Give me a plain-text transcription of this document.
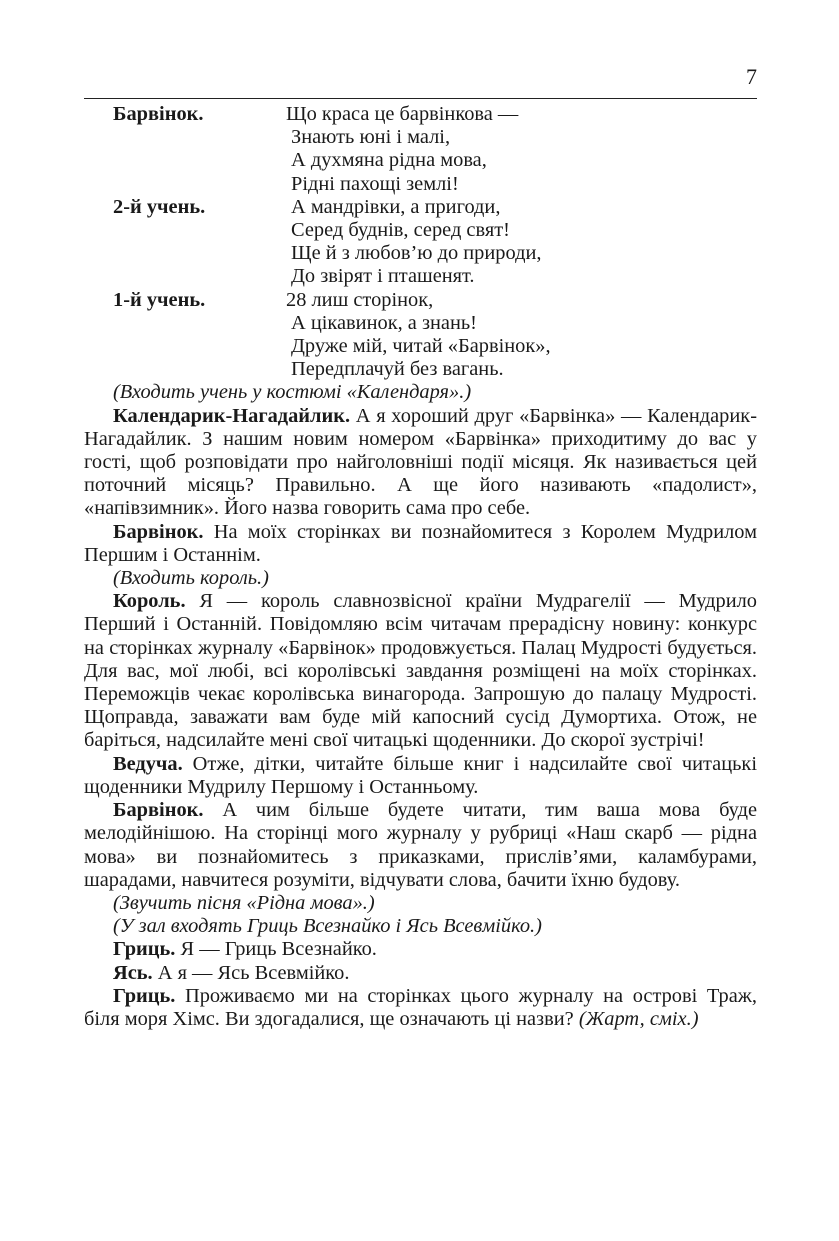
7
Барвінок.	Що краса це барвінкова —
Знають юні і малі,
А духмяна рідна мова,
Рідні пахощі землі!
2-й учень.	А мандрівки, а пригоди,
Серед буднів, серед свят!
Ще й з любов’ю до природи,
До звірят і пташенят.
1-й учень.	28 лиш сторінок,
А цікавинок, а знань!
Друже мій, читай «Барвінок»,
Передплачуй без вагань.

(Входить учень у костюмі «Календаря».)

Календарик-Нагадайлик. А я хороший друг «Барвінка» — Календарик-Нагадайлик. З нашим новим номером «Барвінка» приходитиму до вас у гості, щоб розповідати про найголовніші події місяця. Як називається цей поточний місяць? Правильно. А ще його називають «падолист», «напівзимник». Його назва говорить сама про себе.

Барвінок. На моїх сторінках ви познайомитеся з Королем Мудрилом Першим і Останнім.

(Входить король.)

Король. Я — король славнозвісної країни Мудрагелії — Мудрило Перший і Останній. Повідомляю всім читачам прерадісну новину: конкурс на сторінках журналу «Барвінок» продовжується. Палац Мудрості будується. Для вас, мої любі, всі королівські завдання розміщені на моїх сторінках. Переможців чекає королівська винагорода. Запрошую до палацу Мудрості. Щоправда, заважати вам буде мій капосний сусід Думортиха. Отож, не баріться, надсилайте мені свої читацькі щоденники. До скорої зустрічі!

Ведуча. Отже, дітки, читайте більше книг і надсилайте свої читацькі щоденники Мудрилу Першому і Останньому.

Барвінок. А чим більше будете читати, тим ваша мова буде мелодійнішою. На сторінці мого журналу у рубриці «Наш скарб — рідна мова» ви познайомитесь з приказками, прислів’ями, каламбурами, шарадами, навчитеся розуміти, відчувати слова, бачити їхню будову.

(Звучить пісня «Рідна мова».)

(У зал входять Гриць Всезнайко і Ясь Всевмійко.)

Гриць. Я — Гриць Всезнайко.

Ясь. А я — Ясь Всевмійко.

Гриць. Проживаємо ми на сторінках цього журналу на острові Траж, біля моря Хімс. Ви здогадалися, ще означають ці назви? (Жарт, сміх.)
